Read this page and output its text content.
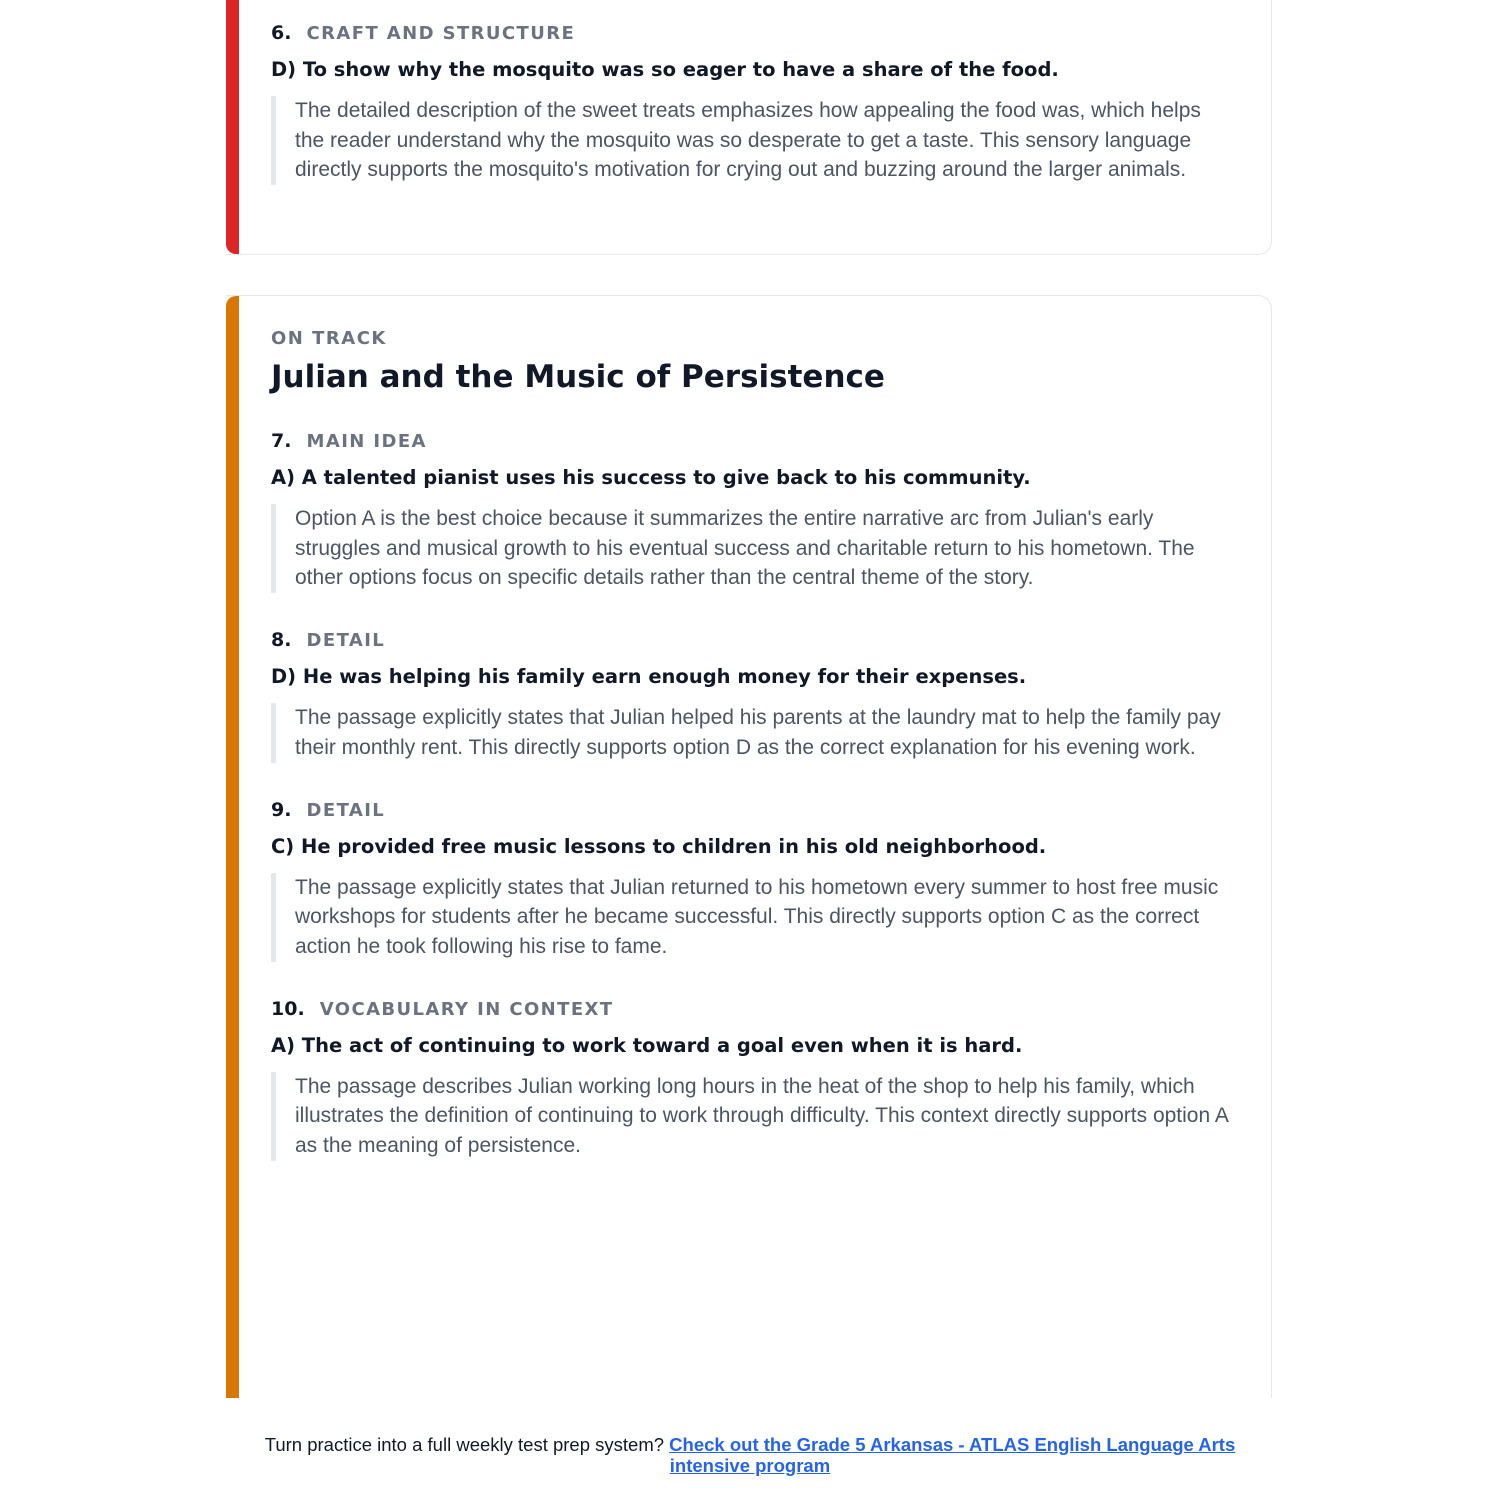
6. CRAFT AND STRUCTURE
D) To show why the mosquito was so eager to have a share of the food.
The detailed description of the sweet treats emphasizes how appealing the food was, which helps the reader understand why the mosquito was so desperate to get a taste. This sensory language directly supports the mosquito's motivation for crying out and buzzing around the larger animals.
ON TRACK
Julian and the Music of Persistence
7. MAIN IDEA
A) A talented pianist uses his success to give back to his community.
Option A is the best choice because it summarizes the entire narrative arc from Julian's early struggles and musical growth to his eventual success and charitable return to his hometown. The other options focus on specific details rather than the central theme of the story.
8. DETAIL
D) He was helping his family earn enough money for their expenses.
The passage explicitly states that Julian helped his parents at the laundry mat to help the family pay their monthly rent. This directly supports option D as the correct explanation for his evening work.
9. DETAIL
C) He provided free music lessons to children in his old neighborhood.
The passage explicitly states that Julian returned to his hometown every summer to host free music workshops for students after he became successful. This directly supports option C as the correct action he took following his rise to fame.
10. VOCABULARY IN CONTEXT
A) The act of continuing to work toward a goal even when it is hard.
The passage describes Julian working long hours in the heat of the shop to help his family, which illustrates the definition of continuing to work through difficulty. This context directly supports option A as the meaning of persistence.
Turn practice into a full weekly test prep system? Check out the Grade 5 Arkansas - ATLAS English Language Arts intensive program
